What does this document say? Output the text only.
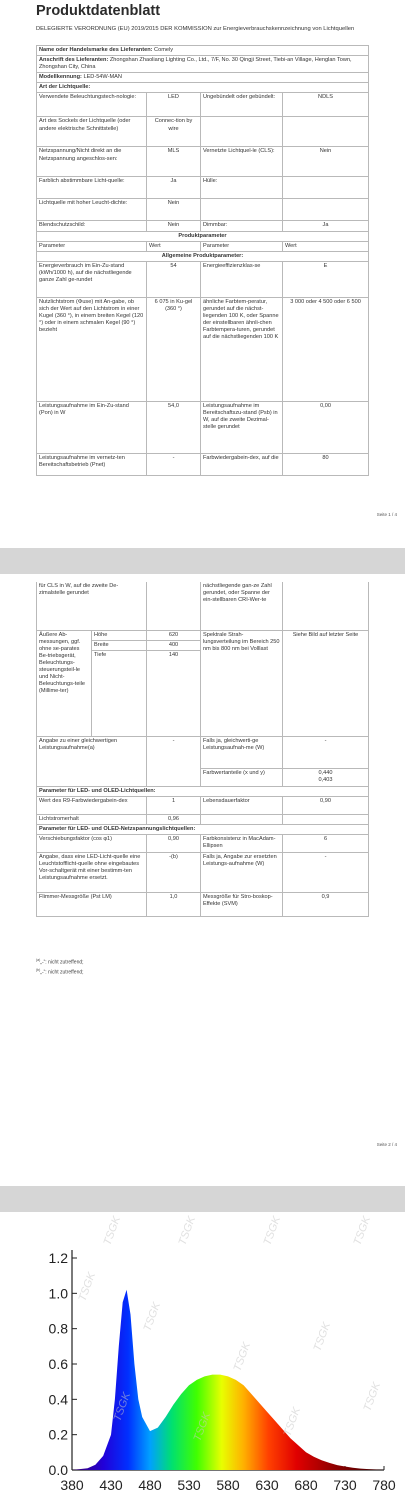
Produktdatenblatt
DELEGIERTE VERORDNUNG (EU) 2019/2015 DER KOMMISSION zur Energieverbrauchskennzeichnung von Lichtquellen
Name oder Handelsmarke des Lieferanten: Comely			
Anschrift des Lieferanten: Zhongshan Zhaoliang Lighting Co., Ltd., 7/F, No. 30 Qingji Street, Tiebi-an Village, Henglan Town, Zhongshan City, China			
Modellkennung: LED-54W-MAN			
Art der Lichtquelle:			
Verwendete Beleuchtungstech-nologie:	LED	Ungebündelt oder gebündelt:	NDLS
Art des Sockels der Lichtquelle (oder andere elektrische Schnittstelle)	Connec-tion by wire		
Netzspannung/Nicht direkt an die Netzspannung angeschlos-sen:	MLS	Vernetzte Lichtquel-le (CLS):	Nein
Farblich abstimmbare Licht-quelle:	Ja	Hülle:	
Lichtquelle mit hoher Leucht-dichte:	Nein		
Blendschutzschild:	Nein	Dimmbar:	Ja
Produktparameter			
Parameter	Wert	Parameter	Wert
Allgemeine Produktparameter:			
Energieverbrauch im Ein-Zu-stand (kWh/1000 h), auf die nächstliegende ganze Zahl ge-rundet	54	Energieeffizienzklas-se	E
Nutzlichtstrom (Φuse) mit An-gabe, ob sich der Wert auf den Lichtstrom in einer Kugel (360 °), in einem breiten Kegel (120 °) oder in einem schmalen Kegel (90 °) bezieht	6 075 in Ku-gel (360 °)	ähnliche Farbtem-peratur, gerundet auf die nächst-liegenden 100 K, oder Spanne der einstellbaren ähnli-chen Farbtempera-turen, gerundet auf die nächstliegenden 100 K	3 000 oder 4 500 oder 6 500
Leistungsaufnahme im Ein-Zu-stand (Pon) in W	54,0	Leistungsaufnahme im Bereitschaftszu-stand (Psb) in W, auf die zweite Dezimal-stelle gerundet	0,00
Leistungsaufnahme im vernetz-ten Bereitschaftsbetrieb (Pnet)	-	Farbwiedergabein-dex, auf die	80
Seite 1 / 4
für CLS in W, auf die zweite De-zimalstelle gerundet			nächstliegende gan-ze Zahl gerundet, oder Spanne der ein-stellbaren CRI-Wer-te	
Äußere Ab-messungen, ggf. ohne se-parates Be-triebsgerät, Beleuchtungs-steuerungsteil-le und Nicht-Beleuchtungs-teile (Millime-ter)	Höhe	620	Spektrale Strah-lungsverteilung im Bereich 250 nm bis 800 nm bei Volllast	Siehe Bild auf letzter Seite
	Breite	400		
	Tiefe	140		
Angabe zu einer gleichwertigen Leistungsaufnahme(a)		-	Falls ja, gleichwerti-ge Leistungsaufnah-me (W)	-
			Farbwertanteile (x und y)	0,440
0,403
Parameter für LED- und OLED-Lichtquellen:				
Wert des R9-Farbwiedergabein-dex		1	Lebensdauerfaktor	0,90
Lichtstromerhalt		0,96		
Parameter für LED- und OLED-Netzspannungslichtquellen:				
Verschiebungsfaktor (cos φ1)		0,90	Farbkonsistenz in MacAdam-Ellipsen	6
Angabe, dass eine LED-Licht-quelle eine Leuchtstofflicht-quelle ohne eingebautes Vor-schaltgerät mit einer bestimm-ten Leistungsaufnahme ersetzt.		-(b)	Falls ja, Angabe zur ersetzten Leistungs-aufnahme (W)	-
Flimmer-Messgröße (Pst LM)		1,0	Messgröße für Stro-boskop-Effekte (SVM)	0,9
$^{(a)}$„-“: nicht zutreffend;
$^{(b)}$„-“: nicht zutreffend;
Seite 2 / 4
0.0
0.2
0.4
0.6
0.8
1.0
1.2
380 430 480 530 580 630 680 730 780
TSGK	TSGK	TSGK	TSGK
TSGK
TSGK
TSGK
TSGK
TSGK
TSGK	TSGK
TSGK
